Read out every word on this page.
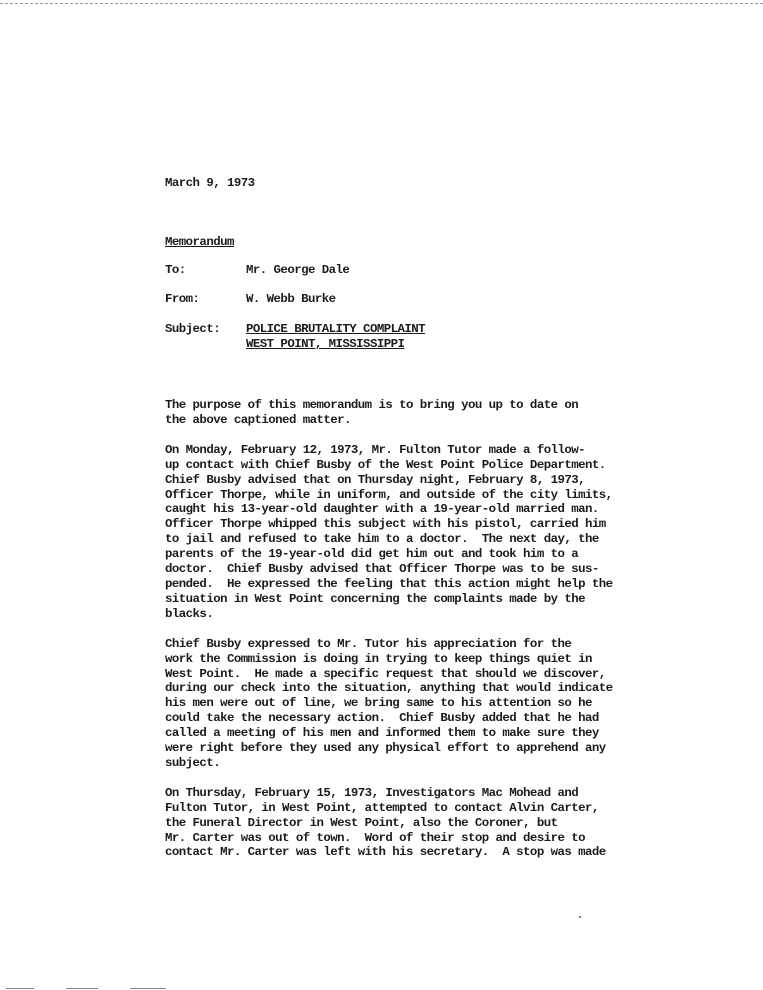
March 9, 1973
Memorandum
To:	Mr. George Dale
From:	W. Webb Burke
Subject: POLICE BRUTALITY COMPLAINT
WEST POINT, MISSISSIPPI

The purpose of this memorandum is to bring you up to date on
the above captioned matter.

On Monday, February 12, 1973, Mr. Fulton Tutor made a follow-
up contact with Chief Busby of the West Point Police Department.
Chief Busby advised that on Thursday night, February 8, 1973,
Officer Thorpe, while in uniform, and outside of the city limits,
caught his 13-year-old daughter with a 19-year-old married man.
Officer Thorpe whipped this subject with his pistol, carried him
to jail and refused to take him to a doctor.  The next day, the
parents of the 19-year-old did get him out and took him to a
doctor.  Chief Busby advised that Officer Thorpe was to be sus-
pended.  He expressed the feeling that this action might help the
situation in West Point concerning the complaints made by the
blacks.

Chief Busby expressed to Mr. Tutor his appreciation for the
work the Commission is doing in trying to keep things quiet in
West Point.  He made a specific request that should we discover,
during our check into the situation, anything that would indicate
his men were out of line, we bring same to his attention so he
could take the necessary action.  Chief Busby added that he had
called a meeting of his men and informed them to make sure they
were right before they used any physical effort to apprehend any
subject.

On Thursday, February 15, 1973, Investigators Mac Mohead and
Fulton Tutor, in West Point, attempted to contact Alvin Carter,
the Funeral Director in West Point, also the Coroner, but
Mr. Carter was out of town.  Word of their stop and desire to
contact Mr. Carter was left with his secretary.  A stop was made
